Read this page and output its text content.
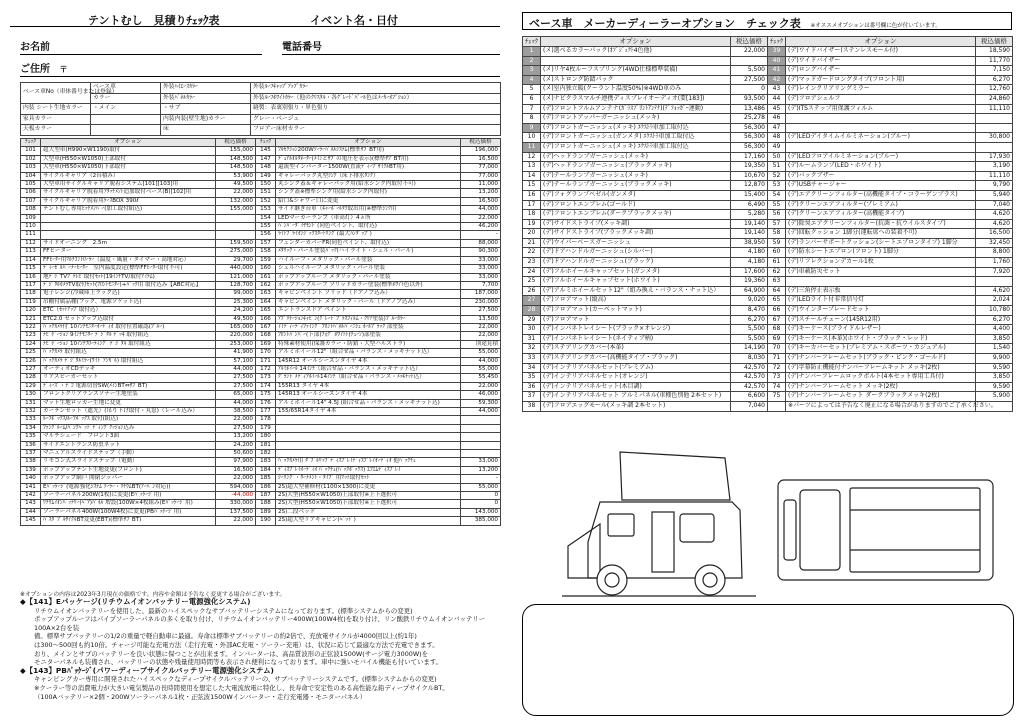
テントむし　見積りﾁｪｯｸ表	イベント名・日付
お名前	電話番号
ご住所 〒
ベース車No（車体番号または登録）	ベース車	外装ﾊｲｴｰｽｶﾗｰ	外装ﾙｰﾌｷｬｯﾌﾟｱｯﾌﾟｶﾗｰ
	カラー	外装ﾊﾞﾈﾙｶﾗｰ	外装ﾙｰﾌﾎﾜｲﾄｶﾗｰ（他のｸﾘｽﾀﾙ・各ｸﾞﾚｰﾄﾞﾊﾟｰﾙ色はﾒｰｶｰｵﾌﾟｼｮﾝ）
内装 シート生地カラー	・メイン	・サブ	縫製：表裏別張り・単色張り
家具カラー		内装内装(壁生地)カラー	グレー・ベージュ
天板カラー		床	フロアー床材カラー
ﾁｪｯｸ	オプション	税込価格	ﾁｪｯｸ	オプション	税込価格
101	超大型車(H990×W1190)取付	155,000	145	ﾌﾙｾｸｼｮﾝ200Wｿｰﾗｰﾊﾟﾈﾙｼｽﾃﾑ(標準ｻﾌﾞBT用)	196,000
102	大型車(H550×W1050)上部取付	148,500	147	ﾃﾞｭｱﾙｵﾙﾀﾈｰﾀｰ(ﾒｲﾝとｻﾌﾞの電圧を表示)(標準ｻﾌﾞBT用)	16,500
103	大型車(H550×W1050)下部取付	148,500	148	還流型インバーター1500W(直流ﾃﾞｨｰﾌﾟｻｲｸﾙBT用)	77,000
104	サイクルキャリア（2台積み）	53,900	149	ギャレーバック丸型ｼﾝｸ（床下排水ﾀﾝｸ）	77,000
105	大型車用サイクルキャリア脱着システム[101][103]用	49,500	150	丸シンク蓋＆ギャレーバック用(給水シンク内取付不可)	11,000
106	サイクルキャリア脱着用ｱﾀｯﾁﾒﾝﾄ追加取付ベース(B)[102]用	22,000	151	シンク蓋※標準シンク用(給水シンク内取付)	13,200
107	サイクルキャリア脱着用ｹｰｽBOX 390ℓ	132,000	152	給口&シャワー口に変更	16,500
108	テントむし専用ﾋｯﾁﾒﾝﾊﾞｰ(加工取付組込)	155,000	153	サイド継ぎ台車（ｷｬｰﾎﾞｰﾙﾀｸ取出用)※標準ｼﾝｸ用	44,000
109			154	LEDマーカーランプ（車高灯）4ヵ所	22,000
110			155	ﾊﾞﾝﾊﾟｰﾀﾞｲﾔﾓﾝﾄﾞ(同色ペイント、取付込)	46,200
111			156	ﾗｲﾄﾌﾞﾗｲｵﾝｼﾞｯｸｽﾀｰﾄﾘﾝｸﾞ(最大ﾊﾝﾀﾞｯﾌﾟ)	-
112	サイドオーニング　2.5m	159,500	157	フェンダーカバーFR(同色ペイント、取付込)	88,000
113	FFヒーター	275,000	158	ﾒﾀﾘｯｸ・パール塗装ﾊﾞｯｸ(ハイライト・シェル・パール)	90,300
114	FFﾋｰﾀｰ用ﾏﾙﾁｺﾝﾄﾛｰﾗｰ（温度・風量・タイマー・高地対応）	29,700	159	ハイルーフ・メタリック・パール塗装	33,000
115	ﾃﾞｨｰｾﾞﾙﾊﾞｰﾅｰﾋｰﾀｰ　室内温度設定(標準FFﾋｰﾀｰ取付不可)	440,000	160	シェルハイルーフ メタリック・パール塗装	33,000
116	地ﾃﾞｼﾞTVﾌﾞﾃﾚﾋﾞ取付ｾｯﾄ(19ｲﾝﾁTV/取付ｱｲﾃﾑ)	121,000	161	ポップアップルーフ メタリック・パール塗装	33,000
117	ﾃﾞｼﾞﾀﾙｶﾒﾗTV取付ｾｯﾄ(ﾌﾛﾝﾄﾓﾆﾀｰ)+ﾊﾞｯｸ用 取付込み【ABC対応】	128,700	162	ポップアップルーフ ソリッドカラー塗装(標準ﾎﾜｲﾄ色以外)	7,700
118	電子レンジ(冷蔵庫上ラック込)	99,000	163	キャビンペイント ソリッド（ドアノブ込み）	187,000
119	吊棚付属品棚(フック、電源ソケット込)	25,300	164	キャビンペイント メタリック・パール（ドアノブ込み）	230,000
120	ETC（ｾｯﾄｱｯﾌﾟ取付込）	24,200	165	エントランスドア ペイント	27,500
121	ETC2.0 セットアップ込取付	49,500	166	ｱﾌﾟﾘｹｰｼｮﾝｷｬﾋﾞﾝ(ｸﾞﾚｰﾄﾞﾌﾟﾗｽﾌｨﾙﾑ・ｸﾘｱ塗装)ﾌﾞﾙｰｶﾗｰ	13,500
122	ﾊﾞｯｸｶﾒﾗ付 10ｲﾝﾁﾓﾆﾀｰｵｰﾃﾞｨｵ 取付位置確認(ﾌﾞﾙｰ)	165,000	167	ｲｲﾃﾞｨｰﾃﾞｨﾌｧｲﾝｸﾞ ﾌﾛﾝﾄﾊﾟﾈﾙﾊﾞｰﾆｼｭ ｵｰﾙﾌﾞﾗｯｸ 部塗装	22,000
123	ﾅﾋﾞｹﾞｰｼｮﾝ 9ｲﾝﾁﾓﾆﾀｰ ﾃﾞｼﾞﾀﾙ ﾃﾞｯｷ 取付組込	220,000	168	ﾌﾛﾝﾄﾊﾞﾝﾊﾟｰ(下部)ﾌｫｸﾞ ﾎﾜｲﾄﾄ(ﾁｭｰﾝ)部塗装	22,000
124	ﾅﾋﾞｹﾞｰｼｮﾝ 10ｲﾝﾁﾌﾛｰﾃｨﾝｸﾞ ﾃﾞｼﾞﾀﾙ 取付組込	253,000	169	特殊素材使用(保護カラー・防錆・大型ハルストラ)	別途見積
125	ﾊﾞｯｸｶﾒﾗ 取付組込	41,900	170	アルミホイール12"（組合せ品・バランス・メッキナット込）	55,000
126	ﾊﾞｯｸｶﾒﾗ ﾃﾞｼﾞﾀﾙﾐﾗｰ(ﾜｲﾄﾞｱﾝｶﾞﾙ) 取付組込	57,100	171	145R12 オールシーズンタイヤ 4本	44,000
127	オーディオCDデッキ	44,000	172	ｱﾙﾐﾎｲｰﾙ 14ｲﾝﾁ（組合せ品・バランス・メッキナット込）	55,000
128	リアスピーカーセット	27,500	173	ｸﾞﾗﾝﾄﾞﾒﾃﾞｨｱﾎｲｰﾙ14ｲﾝﾁ（組合せ品・バランス・ﾒｯｷﾅｯﾄ込）	55,450
129	ﾃﾞｨｰｽﾞ・ﾃﾞｺ 電源切替SW(ﾒｲﾝBT⇔ｻﾌﾞBT)	27,500	174	155R13 タイヤ 4本	22,000
130	フロントクリアランスソナー生地塗装	65,000	175	145R13 オールシーズンタイヤ 4本	46,000
131	マット生地ロッカー生地に変更	44,000	176	アルミホイール14" 4.5J (組合せ品・バランス・メッキナット込)	59,300
132	カーテンセット（遮光）(吊り下げ取付・丸窓)（レール込み）	38,500	177	155/65R14タイヤ 4本	44,000
133	ﾙｰﾌﾎﾞｯｸｽ/ﾙｰﾌﾎﾞｯｸｽ 取付(組込)	22,000	178		
134	ﾌｧﾝｸﾞﾙｰﾑ/ﾊﾞﾝｸﾍﾞｯﾄﾞﾃﾞｨﾝｸﾞｸｯｼｮﾝ込み	27,500	179		
135	マルチシェード　フロント3面	13,200	180		
136	サイドエントランス防虫ネット	24,200	181		
137	マニュアルスライドステップ（手動）	50,600	182		
138	リモコン式スライドステップ（電動）	97,900	183	ﾊﾞｯｸｶﾒﾗ用 ﾀﾞﾌﾞﾙﾘｯﾌﾟﾃﾞｨｽﾌﾟﾚｲﾃﾞｨｽﾌﾟﾚｲｵｰﾃﾞｨｵ 他ﾊﾞｯｸﾁｪ	33,000
139	ポップアップテント生地変更(フロント)	16,500	184	ﾃﾞｨｽﾌﾟﾚｲｵｰﾃﾞｨｵ ﾊﾞｯｸﾁｪ(ﾊﾞｯｸﾎﾞｯｸｽ) ｴﾌｴﾑﾃﾞｨｽﾌﾟﾚｲ	13,200
140	ポップアップ網戸 開閉ジッパー	22,000	185	ｼｰﾘﾝｸﾞ・ﾀｰﾅﾒﾝﾄ・ﾀｲﾌﾟ 用ﾏｯﾄ取付ｾｯﾄ	-
141	Eﾊﾟｯｹｰｼﾞ(電源強化ｼｽﾃﾑ ｿｰﾗｰ・ﾘﾁｳﾑBT(ｱｰﾊﾞﾝ対応))	594,000	186	2S)超大型補修材(1100×1300)に変更	55,000
142	ソーラーパネル200W(1枚)に変更(Eﾊﾟｯｹｰｼﾞ用)	-44,000	187	2S)大型(H550×W1050)上部取付※上下選択可	0
143	ﾘﾁｳﾑｲｵﾝﾊﾞｯﾃﾘｰ(ﾍﾟｱ)ﾊﾟﾈﾙ 増設(100W×4枚組み(Eﾊﾟｯｹｰｼﾞ用)	330,000	188	2S)大型(H550×W1050)下部取付※上下選択可	0
144	ソーラーパネル400W(100W4枚)に変更(PBﾊﾟｯｹｰｼﾞ用)	137,500	189	2S)二段ベッド	143,000
145	ﾊﾞｽﾀﾞﾌﾞﾙｻｲｸﾙBT変更(EBT)(標準ｻﾌﾞBT)	22,000	190	2S)超大型リアキャビン(ﾍﾞｯﾄﾞ)	385,000
※オプションの内容は2023年3月現在の価格です。内容や金額は予告なく変更する場合がございます。
◆【141】Eパッケージ(リチウムイオンバッテリー電源強化システム)
リチウムイオンバッテリーを使用した、最新のハイスペックなサブバッテリーシステムになっております。(標準システムからの変更)
ポップアップルーフはパイプソーラーパネルの多くを取り付け、リチウムイオンバッテリー400W(100W4枚)を取り付け、リン酸鉄リチウムイオンバッテリー100A×2台を装
備。標準サブバッテリーの1/2の重量で軽自動車に最適。寿命は標準サブバッテリーの約2倍で、充放電サイクルが4000回以上(約1年)
は300～500回も約10倍。チャージ可能な充電方法（走行充電・外部AC充電・ソーラー充電）は、状況に応じて最適な方法で充電できます。
おり、メインとサブのバッテリーを良い状態に保つことが出来ます。インバーターは、高品質波形の正弦波1500W(サージ電力3000W)を
モニターパネルも装備され、バッテリーの状態や残量使用時間等も表示され便利になっております。車中に強いモバイル機能も付いています。
◆【143】PBﾊﾟｯｹｰｼﾞ(パワーディープサイクルバッテリー電源強化システム)
キャンピングカー専用に開発されたハイスペックなディープサイクルバッテリーの、サブバッテリーシステムです。(標準システムからの変更)
※クーラー等の消費電力が大きい電気製品の長時間使用を想定した大電流放電に特化し、長寿命で安定性のある高性能な鉛ディープサイクルBT。
（100Aバッテリー×2個・200Wソーラーパネル1枚・正弦波1500Wインバーター・走行充電器・モニターパネル）
ベース車　メーカーディーラーオプション　チェック表 ※オススメオプションは番号欄に色が付いています。
ﾁｪｯｸ	オプション	税込価格	ﾁｪｯｸ	オプション	税込価格
1	(メ)選べるカラーパック(ｵﾌﾞｼﾞｪｸﾄ4色他)	22,000	39	(デ)ワイドバイザー(ステンレスモール付)	18,590
2			40	(デ)ワイドバイザー	11,770
3	(メ)リヤ4枚ルーフスプリング(4WD仕様標準装備)	5,500	41	(デ)ロングバイザー	7,150
4	(メ)ストロング防錆パック	27,500	42	(デ)マッドガードロングタイプ(フロント用)	6,270
5	(メ)室内独立暖(クーラント温度50%)※4WD車のみ	0	43	(デ)レインクリアリングミラー	12,760
6	(メ)ナビクラスマルチ連携ディスプレイオーディオ(要[183])	93,500	44	(デ)フロアシェルフ	24,860
7	(デ)フロントフルムアンテナ(ｶﾞﾗｽﾌﾟﾘﾝﾄｱﾝﾃﾅ)(ﾃﾞﾌｫｯｶﾞｰ連動)	13,486	45	(デ)ITSステップ用保護フィルム	11,110
8	(デ)フロントアッパーガーニッシュ(メッキ)	25,278	46		
9	(デ)フロントガーニッシュ(メッキ) ｴｸｽﾄﾗ車加工取付込	56,300	47		
10	(デ)フロントガーニッシュ(ガンメタ) ｴｸｽﾄﾗ車加工取付込	56,300	48	(デ)LEDデイタイムイルミネーション(ブルー)	30,800
11	(デ)フロントガーニッシュ(メッキ) ｴｸｽﾄﾗ車加工取付込	56,300	49		
12	(デ)ヘッドランプガーニッシュ(メッキ)	17,160	50	(デ)LEDフロアイルミネーション(ブルー)	17,930
13	(デ)ヘッドランプガーニッシュ(ブラックメッキ)	19,350	51	(デ)ルームランプ(LED・ホワイト)	3,190
14	(デ)テールランプガーニッシュ(メッキ)	10,670	52	(デ)バックブザー	11,110
15	(デ)テールランプガーニッシュ(ブラックメッキ)	12,870	53	(デ)USBチャージャー	9,790
16	(デ)フォグランプベゼル(ガンメタ)	15,400	54	(デ)エアクリーンフィルター(高機能タイプ・コラーゲンプラス)	5,940
17	(デ)フロントエンブレム(ゴールド)	6,490	55	(デ)クリーンエアフィルター(プレミアム)	7,040
18	(デ)フロントエンブレム(ダークブラックメッキ)	5,280	56	(デ)クリーンエアフィルター(高機能タイプ)	4,620
19	(デ)サイドストライプ(メッキ調)	19,140	57	(デ)除臭エアクリーンフィルター(抗菌・抗ウイルスタイプ)	4,620
20	(デ)サイドストライプ(ブラックメッキ調)	19,140	58	(デ)回転クッション 1脚分(運転席への装着不可)	16,500
21	(デ)ウイパーベースガーニッシュ	38,950	59	(デ)ランバーサポートクッション(シートエプロンタイプ) 1脚分	32,450
22	(デ)ドアハンドルガーニッシュ(シルバー)	4,180	60	(デ)防水シートエプロン(フロント) 1脚分	8,800
23	(デ)ドアハンドルガーニッシュ(ブラック)	4,180	61	(デ)リフレクションデカール1枚	1,760
24	(デ)フルホイールキャップセット(ガンメタ)	17,600	62	(デ)車載防災セット	7,920
25	(デ)フルホイールキャップセット(ホワイト)	19,360	63		
26	(デ)アルミホイールセット12"（組み換え・バランス・ナット込）	64,900	64	(デ)三角停止表示板	4,620
27	(デ)フロアマット(縦高)	9,020	65	(デ)LEDライト付非常信号灯	2,024
28	(デ)フロアマット(カーペットマット)	8,470	66	(デ)ウインタープレードセット	10,780
29	(デ)フロアマット	6,270	67	(デ)スチールチェーン(145R12用)	6,270
30	(デ)インパネトレイシート(ブラック×オレンジ)	5,500	68	(デ)キーケース(ブライドルレザー)	4,400
31	(デ)インパネトレイシート(ネイティブ柄)	5,500	69	(デ)キーケース(本革)(ホワイト・ブラック・レッド)	3,850
32	(デ)ステアリングカバー(本革)	14,190	70	(デ)キーカバーセット(プレミアム・スポーツ・カジュアル)	1,540
33	(デ)ステアリングカバー(高機能タイプ・ブラック)	8,030	71	(デ)ナンバーフレームセット(ブラック・ピンク・ゴールド)	9,900
34	(デ)インテリアパネルセット(プレミアム)	42,570	72	(デ)字幕防止機能付ナンバーフレームキット メッキ(2枚)	9,590
35	(デ)インテリアパネルセット(オレンジ)	42,570	73	(デ)ナンバーフレームロックボルト(4本セット専用工具付)	3,850
36	(デ)インテリアパネルセット(木目調)	42,570	74	(デ)ナンバーフレームセット メッキ(2枚)	9,590
37	(デ)インテリアパネルセット アルミパネル(車種色別他 2本セット)	6,600	75	(デ)ナンバーフレームセット ダークブラックメッキ(2枚)	5,900
38	(デ)フロアエッグモール(メッキ調 2本セット)	7,040		※パーツによっては予告なく廃止になる場合がありますのでご了承ください。	
